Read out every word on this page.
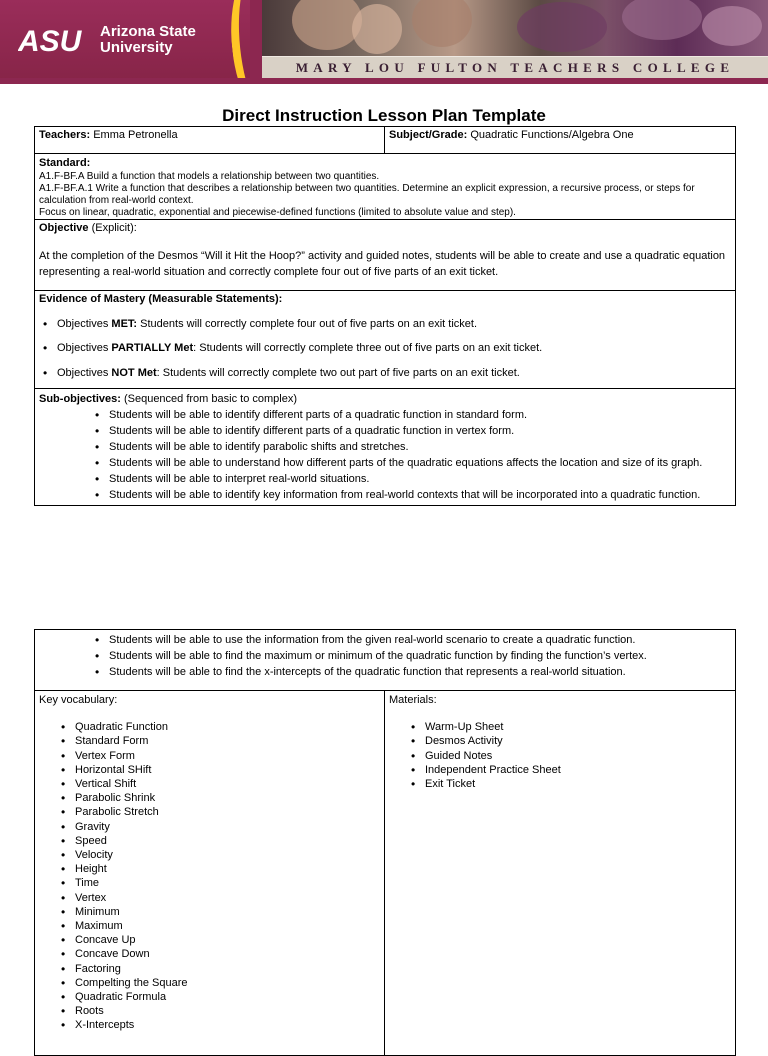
ASU Arizona State
University
MARY LOU FULTON TEACHERS COLLEGE
Direct Instruction Lesson Plan Template
Teachers: Emma Petronella	Subject/Grade: Quadratic Functions/Algebra One

Standard:
A1.F-BF.A Build a function that models a relationship between two quantities.
A1.F-BF.A.1 Write a function that describes a relationship between two quantities. Determine an explicit expression, a recursive process, or steps for calculation from real-world context.
Focus on linear, quadratic, exponential and piecewise-defined functions (limited to absolute value and step).

Objective (Explicit):

At the completion of the Desmos “Will it Hit the Hoop?” activity and guided notes, students will be able to create and use a quadratic equation representing a real-world situation and correctly complete four out of five parts of an exit ticket.

Evidence of Mastery (Measurable Statements):
• Objectives MET: Students will correctly complete four out of five parts on an exit ticket.
• Objectives PARTIALLY Met: Students will correctly complete three out of five parts on an exit ticket.
• Objectives NOT Met: Students will correctly complete two out part of five parts on an exit ticket.

Sub-objectives: (Sequenced from basic to complex)
• Students will be able to identify different parts of a quadratic function in standard form.
• Students will be able to identify different parts of a quadratic function in vertex form.
• Students will be able to identify parabolic shifts and stretches.
• Students will be able to understand how different parts of the quadratic equations affects the location and size of its graph.
• Students will be able to interpret real-world situations.
• Students will be able to identify key information from real-world contexts that will be incorporated into a quadratic function.
• Students will be able to use the information from the given real-world scenario to create a quadratic function.
• Students will be able to find the maximum or minimum of the quadratic function by finding the function’s vertex.
• Students will be able to find the x-intercepts of the quadratic function that represents a real-world situation.

Key vocabulary:
• Quadratic Function
• Standard Form
• Vertex Form
• Horizontal SHift
• Vertical Shift
• Parabolic Shrink
• Parabolic Stretch
• Gravity
• Speed
• Velocity
• Height
• Time
• Vertex
• Minimum
• Maximum
• Concave Up
• Concave Down
• Factoring
• Compelting the Square
• Quadratic Formula
• Roots
• X-Intercepts

Materials:
• Warm-Up Sheet
• Desmos Activity
• Guided Notes
• Independent Practice Sheet
• Exit Ticket
